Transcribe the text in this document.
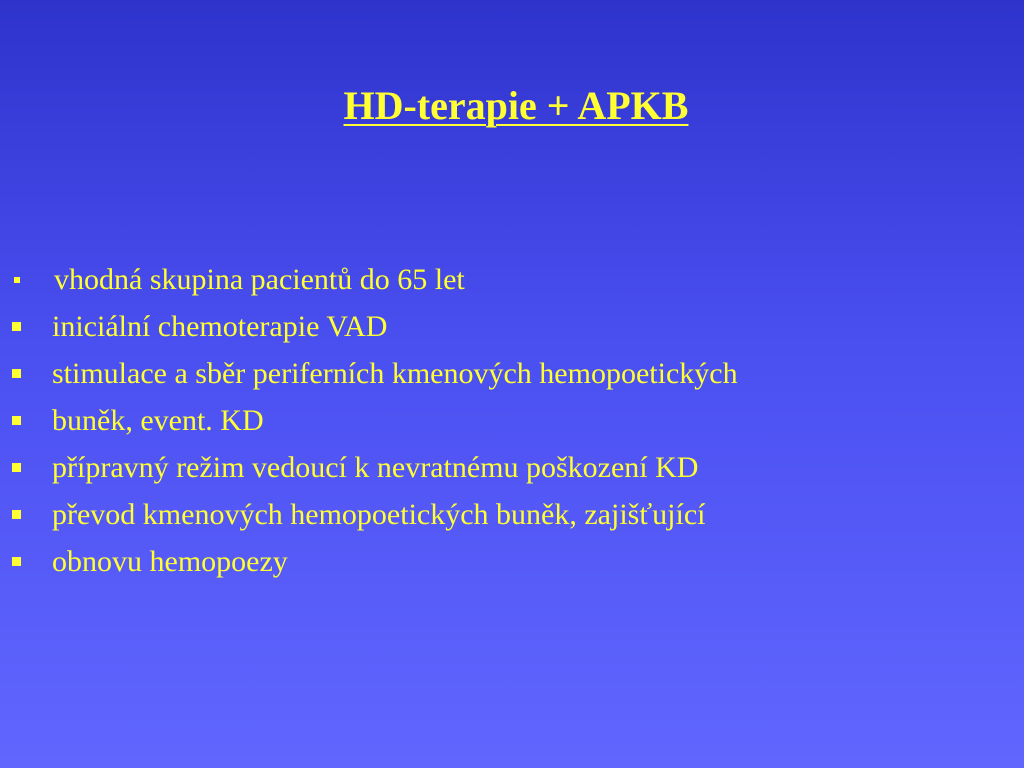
HD-terapie + APKB
vhodná skupina pacientů do 65 let
iniciální chemoterapie VAD
stimulace a sběr periferních kmenových hemopoetických
buněk, event. KD
přípravný režim vedoucí k nevratnému poškození KD
převod kmenových hemopoetických buněk, zajišťující
obnovu hemopoezy
